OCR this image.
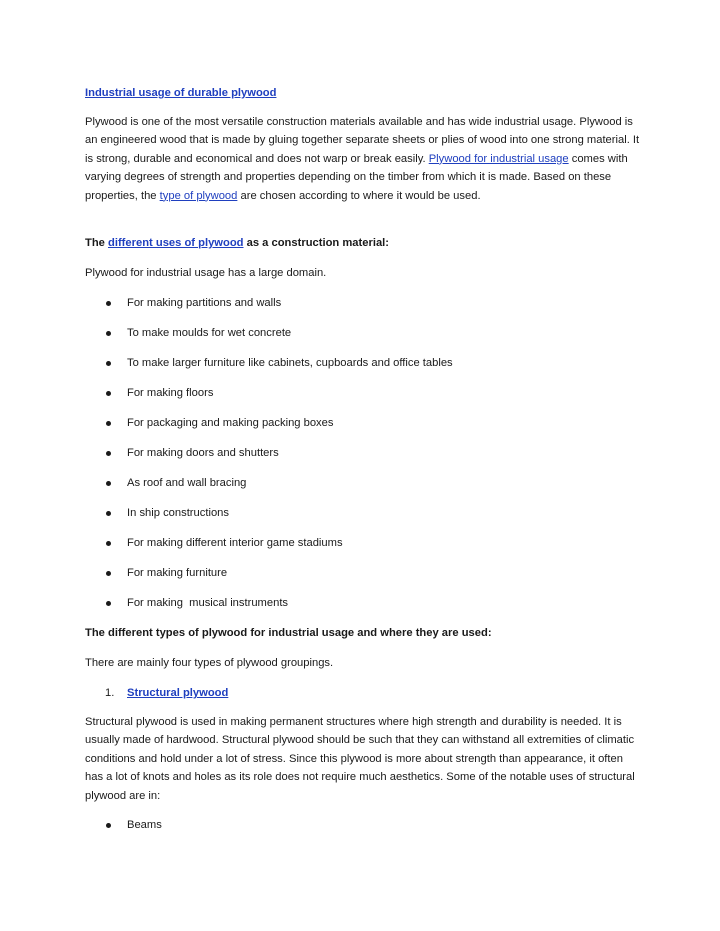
Industrial usage of durable plywood

Plywood is one of the most versatile construction materials available and has wide industrial usage. Plywood is an engineered wood that is made by gluing together separate sheets or plies of wood into one strong material. It is strong, durable and economical and does not warp or break easily. Plywood for industrial usage comes with varying degrees of strength and properties depending on the timber from which it is made. Based on these properties, the type of plywood are chosen according to where it would be used.

The different uses of plywood as a construction material:

Plywood for industrial usage has a large domain.

For making partitions and walls
To make moulds for wet concrete
To make larger furniture like cabinets, cupboards and office tables
For making floors
For packaging and making packing boxes
For making doors and shutters
As roof and wall bracing
In ship constructions
For making different interior game stadiums
For making furniture
For making  musical instruments

The different types of plywood for industrial usage and where they are used:

There are mainly four types of plywood groupings.

1. Structural plywood

Structural plywood is used in making permanent structures where high strength and durability is needed. It is usually made of hardwood. Structural plywood should be such that they can withstand all extremities of climatic conditions and hold under a lot of stress. Since this plywood is more about strength than appearance, it often has a lot of knots and holes as its role does not require much aesthetics. Some of the notable uses of structural plywood are in:

Beams
